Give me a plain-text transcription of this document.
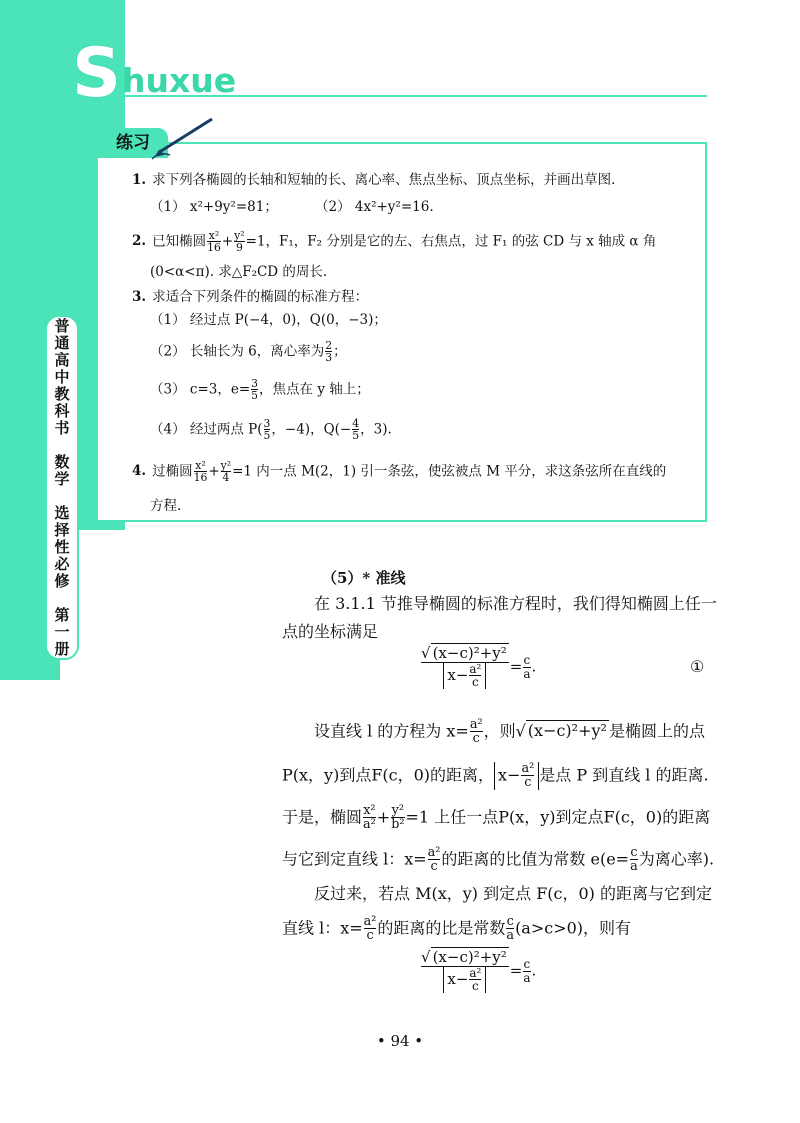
S huxue
普通高中教科书　数学　选择性必修　第一册
练习
1. 求下列各椭圆的长轴和短轴的长、离心率、焦点坐标、顶点坐标，并画出草图.
（1） x²+9y²=81；	（2） 4x²+y²=16.
2. 已知椭圆 $\frac{\text{x²}}{16} + \frac{\text{y²}}{9} =1$，F₁，F₂ 分别是它的左、右焦点，过 F₁ 的弦 CD 与 x 轴成 α 角
(0<α<π). 求△F₂CD 的周长.
3. 求适合下列条件的椭圆的标准方程：
（1） 经过点 P(−4，0)，Q(0，−3)；
（2） 长轴长为 6，离心率为 $\frac{2}{3}$ ；
（3） c=3，$e= \frac{3}{5}$ ，焦点在 y 轴上；
（4） 经过两点 $P( \frac{3}{5}$ ，−4)，$Q(- \frac{4}{5}$ ，3).
4. 过椭圆 $\frac{\text{x²}}{16} + \frac{\text{y²}}{4} =1$ 内一点 M(2，1) 引一条弦，使弦被点 M 平分，求这条弦所在直线的
方程.
（5）* 准线
在 3.1.1 节推导椭圆的标准方程时，我们得知椭圆上任一
点的坐标满足
$\frac{\text{√ (x−c)²+y²}}{x- \frac{\text{a²}}{c}} = \frac{c}{a}$ .	①
设直线 l 的方程为 $x= \frac{\text{a²}}{c}$ ，则√ (x−c)²+y² 是椭圆上的点
P(x，y)到点F(c，0)的距离， $x- \frac{\text{a²}}{c}$ 是点 P 到直线 l 的距离.
于是，椭圆 $\frac{\text{x²}}{\text{a²}} + \frac{\text{y²}}{\text{b²}} =1$ 上任一点P(x，y)到定点F(c，0)的距离
与它到定直线 l：$x= \frac{\text{a²}}{c}$ 的距离的比值为常数 $e(e= \frac{c}{a}$ 为离心率).
反过来，若点 M(x，y) 到定点 F(c，0) 的距离与它到定
直线 l：$x= \frac{\text{a²}}{c}$ 的距离的比是常数 $\frac{c}{a} (a>c>0)$，则有
$\frac{\text{√ (x−c)²+y²}}{x- \frac{\text{a²}}{c}} = \frac{c}{a}$ .
• 94 •
